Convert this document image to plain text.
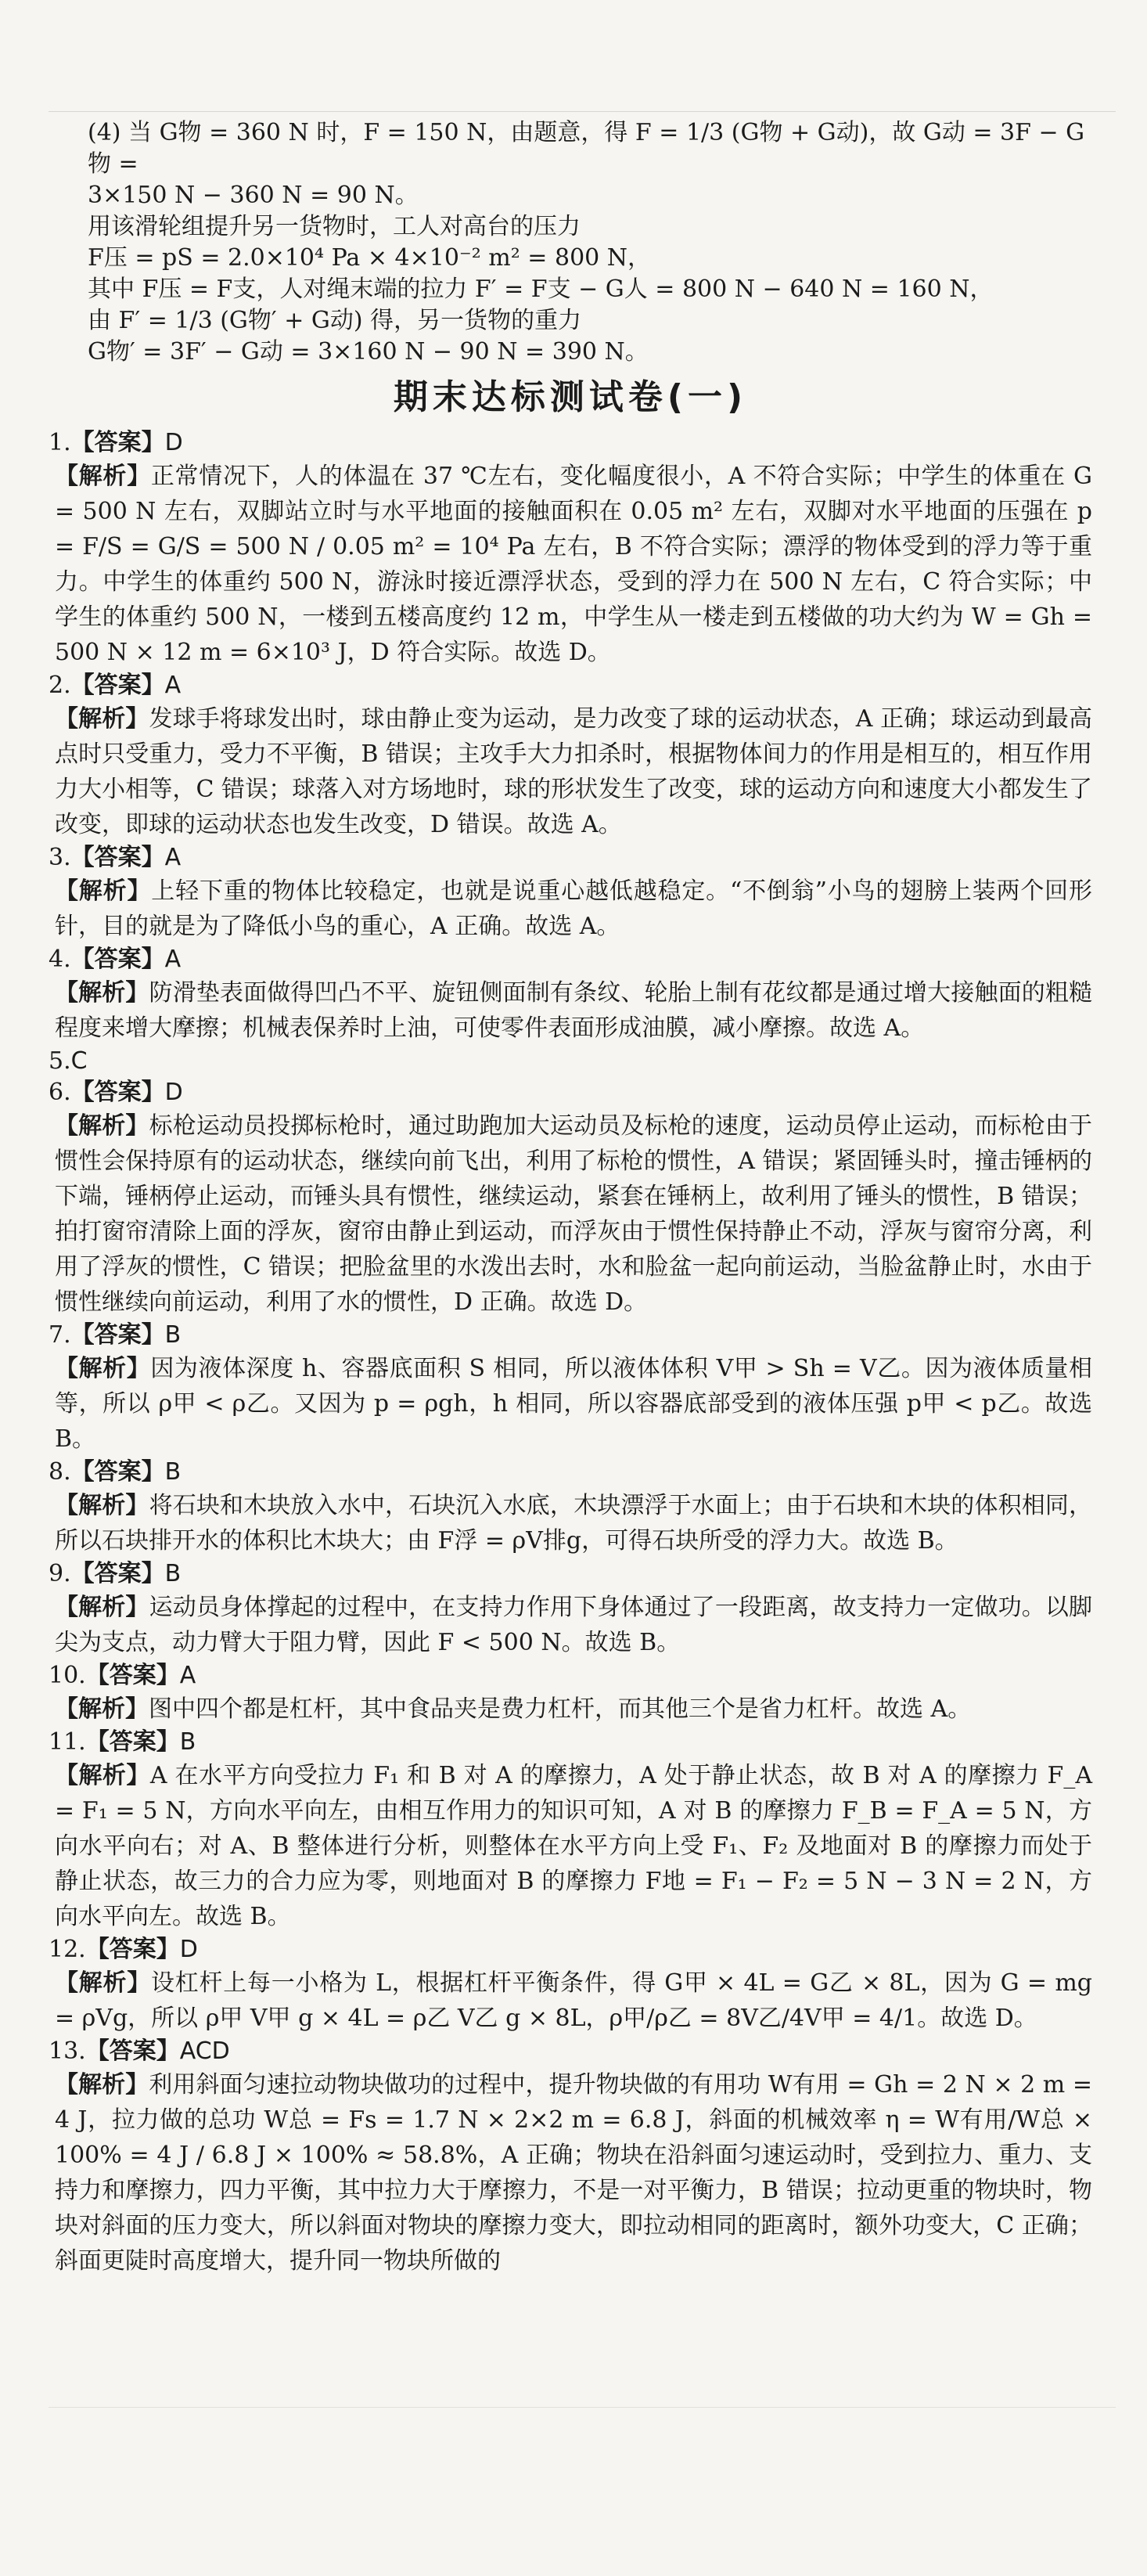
(4) 当 G物 = 360 N 时，F = 150 N，由题意，得 F = 1/3 (G物 + G动)，故 G动 = 3F − G物 =

3×150 N − 360 N = 90 N。

用该滑轮组提升另一货物时，工人对高台的压力

F压 = pS = 2.0×10⁴ Pa × 4×10⁻² m² = 800 N，

其中 F压 = F支，人对绳末端的拉力 F′ = F支 − G人 = 800 N − 640 N = 160 N，

由 F′ = 1/3 (G物′ + G动) 得，另一货物的重力

G物′ = 3F′ − G动 = 3×160 N − 90 N = 390 N。

期末达标测试卷(一)

1.【答案】D

【解析】正常情况下，人的体温在 37 ℃左右，变化幅度很小，A 不符合实际；中学生的体重在 G = 500 N 左右，双脚站立时与水平地面的接触面积在 0.05 m² 左右，双脚对水平地面的压强在 p = F/S = G/S = 500 N / 0.05 m² = 10⁴ Pa 左右，B 不符合实际；漂浮的物体受到的浮力等于重力。中学生的体重约 500 N，游泳时接近漂浮状态，受到的浮力在 500 N 左右，C 符合实际；中学生的体重约 500 N，一楼到五楼高度约 12 m，中学生从一楼走到五楼做的功大约为 W = Gh = 500 N × 12 m = 6×10³ J，D 符合实际。故选 D。

2.【答案】A

【解析】发球手将球发出时，球由静止变为运动，是力改变了球的运动状态，A 正确；球运动到最高点时只受重力，受力不平衡，B 错误；主攻手大力扣杀时，根据物体间力的作用是相互的，相互作用力大小相等，C 错误；球落入对方场地时，球的形状发生了改变，球的运动方向和速度大小都发生了改变，即球的运动状态也发生改变，D 错误。故选 A。

3.【答案】A

【解析】上轻下重的物体比较稳定，也就是说重心越低越稳定。“不倒翁”小鸟的翅膀上装两个回形针，目的就是为了降低小鸟的重心，A 正确。故选 A。

4.【答案】A

【解析】防滑垫表面做得凹凸不平、旋钮侧面制有条纹、轮胎上制有花纹都是通过增大接触面的粗糙程度来增大摩擦；机械表保养时上油，可使零件表面形成油膜，减小摩擦。故选 A。

5.C

6.【答案】D

【解析】标枪运动员投掷标枪时，通过助跑加大运动员及标枪的速度，运动员停止运动，而标枪由于惯性会保持原有的运动状态，继续向前飞出，利用了标枪的惯性，A 错误；紧固锤头时，撞击锤柄的下端，锤柄停止运动，而锤头具有惯性，继续运动，紧套在锤柄上，故利用了锤头的惯性，B 错误；拍打窗帘清除上面的浮灰，窗帘由静止到运动，而浮灰由于惯性保持静止不动，浮灰与窗帘分离，利用了浮灰的惯性，C 错误；把脸盆里的水泼出去时，水和脸盆一起向前运动，当脸盆静止时，水由于惯性继续向前运动，利用了水的惯性，D 正确。故选 D。

7.【答案】B

【解析】因为液体深度 h、容器底面积 S 相同，所以液体体积 V甲 > Sh = V乙。因为液体质量相等，所以 ρ甲 < ρ乙。又因为 p = ρgh，h 相同，所以容器底部受到的液体压强 p甲 < p乙。故选 B。

8.【答案】B

【解析】将石块和木块放入水中，石块沉入水底，木块漂浮于水面上；由于石块和木块的体积相同，所以石块排开水的体积比木块大；由 F浮 = ρV排g，可得石块所受的浮力大。故选 B。

9.【答案】B

【解析】运动员身体撑起的过程中，在支持力作用下身体通过了一段距离，故支持力一定做功。以脚尖为支点，动力臂大于阻力臂，因此 F < 500 N。故选 B。

10.【答案】A

【解析】图中四个都是杠杆，其中食品夹是费力杠杆，而其他三个是省力杠杆。故选 A。

11.【答案】B

【解析】A 在水平方向受拉力 F₁ 和 B 对 A 的摩擦力，A 处于静止状态，故 B 对 A 的摩擦力 F_A = F₁ = 5 N，方向水平向左，由相互作用力的知识可知，A 对 B 的摩擦力 F_B = F_A = 5 N，方向水平向右；对 A、B 整体进行分析，则整体在水平方向上受 F₁、F₂ 及地面对 B 的摩擦力而处于静止状态，故三力的合力应为零，则地面对 B 的摩擦力 F地 = F₁ − F₂ = 5 N − 3 N = 2 N，方向水平向左。故选 B。

12.【答案】D

【解析】设杠杆上每一小格为 L，根据杠杆平衡条件，得 G甲 × 4L = G乙 × 8L，因为 G = mg = ρVg，所以 ρ甲 V甲 g × 4L = ρ乙 V乙 g × 8L，ρ甲/ρ乙 = 8V乙/4V甲 = 4/1。故选 D。

13.【答案】ACD

【解析】利用斜面匀速拉动物块做功的过程中，提升物块做的有用功 W有用 = Gh = 2 N × 2 m = 4 J，拉力做的总功 W总 = Fs = 1.7 N × 2×2 m = 6.8 J，斜面的机械效率 η = W有用/W总 × 100% = 4 J / 6.8 J × 100% ≈ 58.8%，A 正确；物块在沿斜面匀速运动时，受到拉力、重力、支持力和摩擦力，四力平衡，其中拉力大于摩擦力，不是一对平衡力，B 错误；拉动更重的物块时，物块对斜面的压力变大，所以斜面对物块的摩擦力变大，即拉动相同的距离时，额外功变大，C 正确；斜面更陡时高度增大，提升同一物块所做的
